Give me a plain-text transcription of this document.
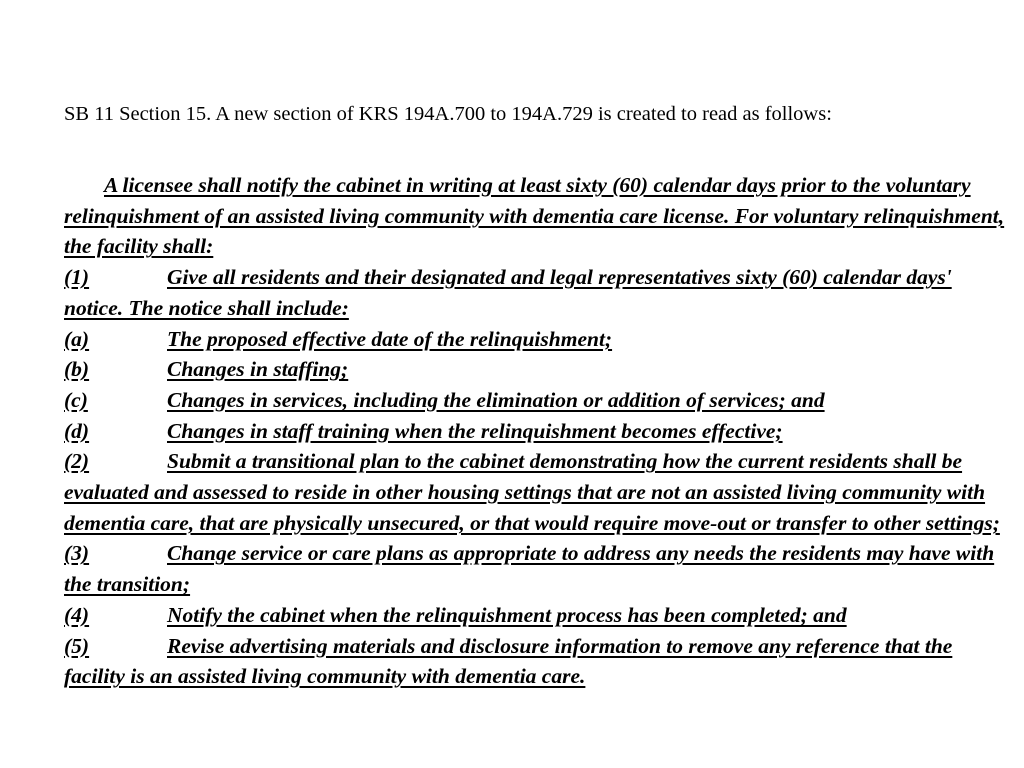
SB 11 Section 15. A new section of KRS 194A.700 to 194A.729 is created to read as follows:

A licensee shall notify the cabinet in writing at least sixty (60) calendar days prior to the voluntary relinquishment of an assisted living community with dementia care license. For voluntary relinquishment, the facility shall:

(1)	Give all residents and their designated and legal representatives sixty (60) calendar days' notice. The notice shall include:
(a)	The proposed effective date of the relinquishment;
(b)	Changes in staffing;
(c)	Changes in services, including the elimination or addition of services; and
(d)	Changes in staff training when the relinquishment becomes effective;
(2)	Submit a transitional plan to the cabinet demonstrating how the current residents shall be evaluated and assessed to reside in other housing settings that are not an assisted living community with dementia care, that are physically unsecured, or that would require move-out or transfer to other settings;
(3)	Change service or care plans as appropriate to address any needs the residents may have with the transition;
(4)	Notify the cabinet when the relinquishment process has been completed; and
(5)	Revise advertising materials and disclosure information to remove any reference that the facility is an assisted living community with dementia care.
